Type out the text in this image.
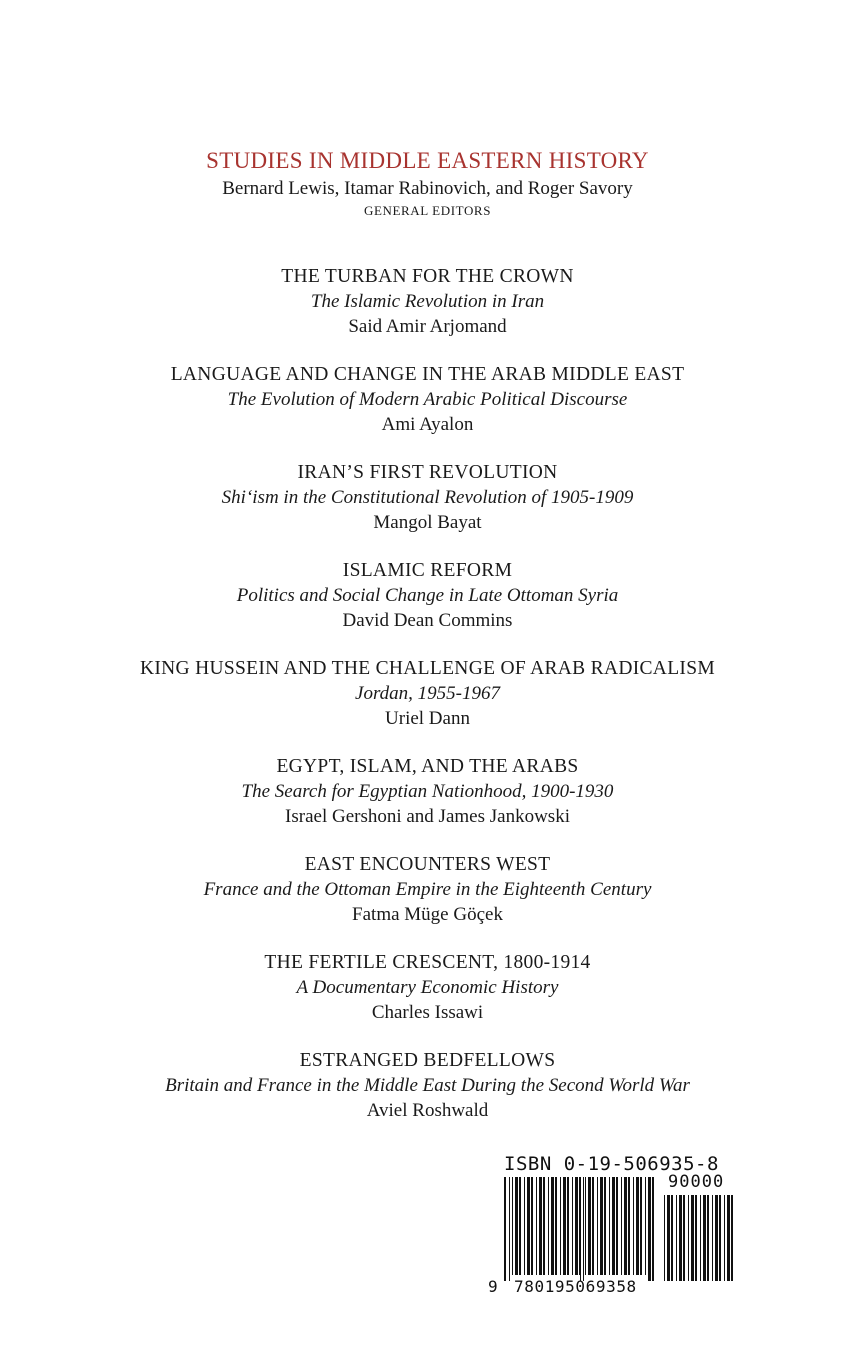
STUDIES IN MIDDLE EASTERN HISTORY
Bernard Lewis, Itamar Rabinovich, and Roger Savory
GENERAL EDITORS
THE TURBAN FOR THE CROWN
The Islamic Revolution in Iran
Said Amir Arjomand
LANGUAGE AND CHANGE IN THE ARAB MIDDLE EAST
The Evolution of Modern Arabic Political Discourse
Ami Ayalon
IRAN’S FIRST REVOLUTION
Shi‘ism in the Constitutional Revolution of 1905-1909
Mangol Bayat
ISLAMIC REFORM
Politics and Social Change in Late Ottoman Syria
David Dean Commins
KING HUSSEIN AND THE CHALLENGE OF ARAB RADICALISM
Jordan, 1955-1967
Uriel Dann
EGYPT, ISLAM, AND THE ARABS
The Search for Egyptian Nationhood, 1900-1930
Israel Gershoni and James Jankowski
EAST ENCOUNTERS WEST
France and the Ottoman Empire in the Eighteenth Century
Fatma Müge Göçek
THE FERTILE CRESCENT, 1800-1914
A Documentary Economic History
Charles Issawi
ESTRANGED BEDFELLOWS
Britain and France in the Middle East During the Second World War
Aviel Roshwald
ISBN 0-19-506935-8
90000
9 780195069358
